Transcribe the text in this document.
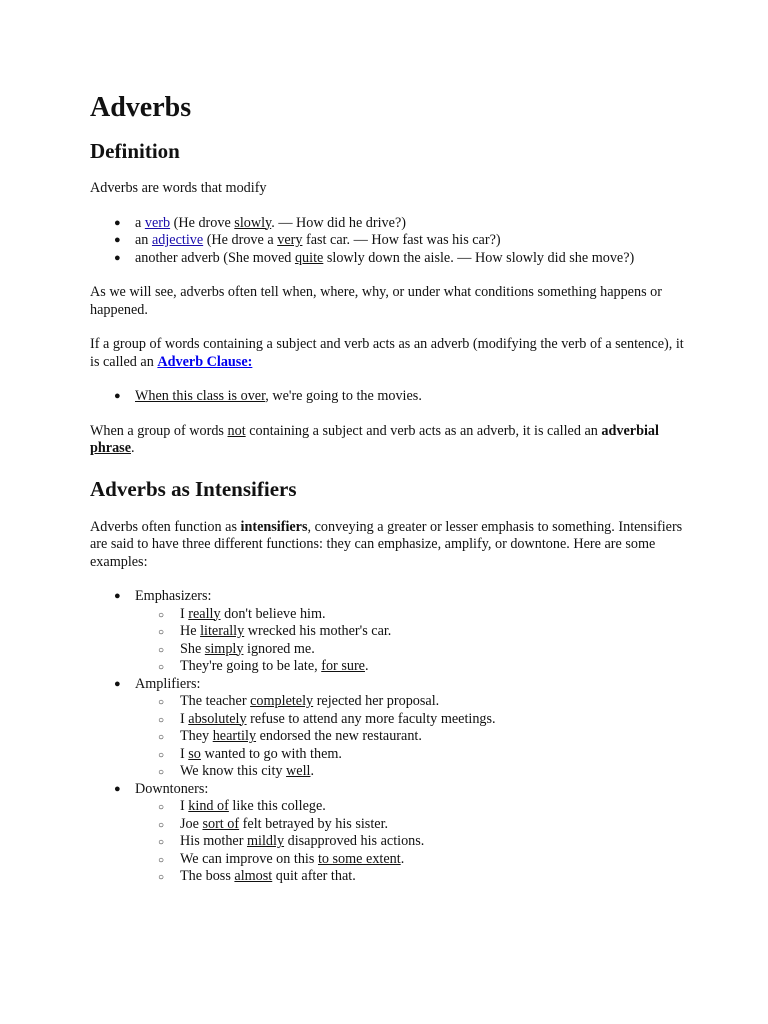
Adverbs
Definition

Adverbs are words that modify

● a verb (He drove slowly. — How did he drive?)
● an adjective (He drove a very fast car. — How fast was his car?)
● another adverb (She moved quite slowly down the aisle. — How slowly did she move?)

As we will see, adverbs often tell when, where, why, or under what conditions something happens or happened.

If a group of words containing a subject and verb acts as an adverb (modifying the verb of a sentence), it is called an Adverb Clause:

● When this class is over, we're going to the movies.

When a group of words not containing a subject and verb acts as an adverb, it is called an adverbial phrase.

Adverbs as Intensifiers

Adverbs often function as intensifiers, conveying a greater or lesser emphasis to something. Intensifiers are said to have three different functions: they can emphasize, amplify, or downtone. Here are some examples:

● Emphasizers:
○ I really don't believe him.
○ He literally wrecked his mother's car.
○ She simply ignored me.
○ They're going to be late, for sure.
● Amplifiers:
○ The teacher completely rejected her proposal.
○ I absolutely refuse to attend any more faculty meetings.
○ They heartily endorsed the new restaurant.
○ I so wanted to go with them.
○ We know this city well.
● Downtoners:
○ I kind of like this college.
○ Joe sort of felt betrayed by his sister.
○ His mother mildly disapproved his actions.
○ We can improve on this to some extent.
○ The boss almost quit after that.
